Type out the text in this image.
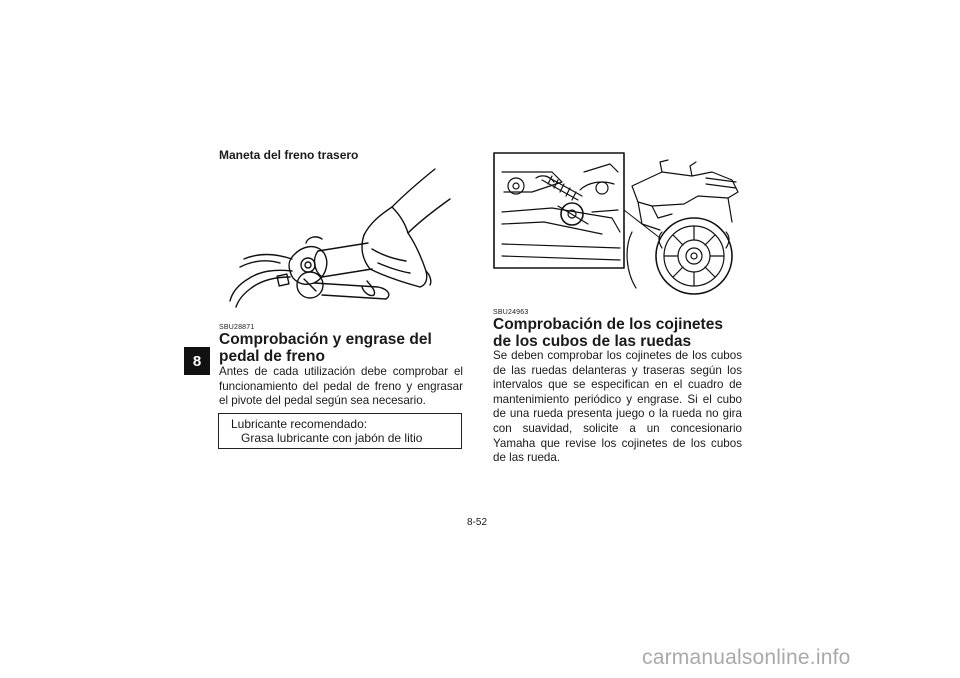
8
Maneta del freno trasero
SBU28871
Comprobación y engrase del pedal de freno

Antes de cada utilización debe comprobar el funcionamiento del pedal de freno y engrasar el pivote del pedal según sea necesario.

Lubricante recomendado:
Grasa lubricante con jabón de litio
SBU24963
Comprobación de los cojinetes de los cubos de las ruedas

Se deben comprobar los cojinetes de los cubos de las ruedas delanteras y traseras según los intervalos que se especifican en el cuadro de mantenimiento periódico y engrase. Si el cubo de una rueda presenta juego o la rueda no gira con suavidad, solicite a un concesionario Yamaha que revise los cojinetes de los cubos de las rueda.

8-52
carmanualsonline.info
